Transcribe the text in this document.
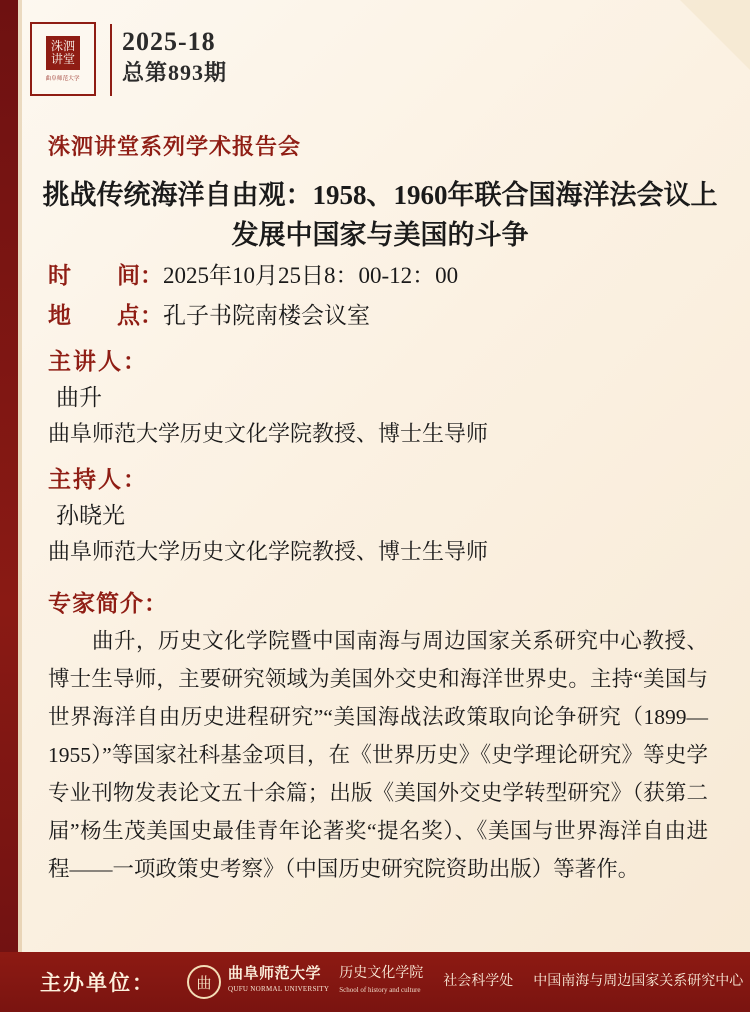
洙泗讲堂
曲阜师范大学
2025-18
总第893期
洙泗讲堂系列学术报告会
挑战传统海洋自由观：1958、1960年联合国海洋法会议上发展中国家与美国的斗争
时　　间：2025年10月25日8：00-12：00
地　　点：孔子书院南楼会议室
主讲人：
曲升
曲阜师范大学历史文化学院教授、博士生导师
主持人：
孙晓光
曲阜师范大学历史文化学院教授、博士生导师
专家简介：
曲升，历史文化学院暨中国南海与周边国家关系研究中心教授、博士生导师，主要研究领域为美国外交史和海洋世界史。主持“美国与世界海洋自由历史进程研究”“美国海战法政策取向论争研究（1899—1955）”等国家社科基金项目，在《世界历史》《史学理论研究》等史学专业刊物发表论文五十余篇；出版《美国外交史学转型研究》（获第二届”杨生茂美国史最佳青年论著奖“提名奖）、《美国与世界海洋自由进程——一项政策史考察》（中国历史研究院资助出版）等著作。
主办单位：	曲
曲阜师范大学
QUFU NORMAL UNIVERSITY
历史文化学院
School of history and culture
社会科学处	中国南海与周边国家关系研究中心
